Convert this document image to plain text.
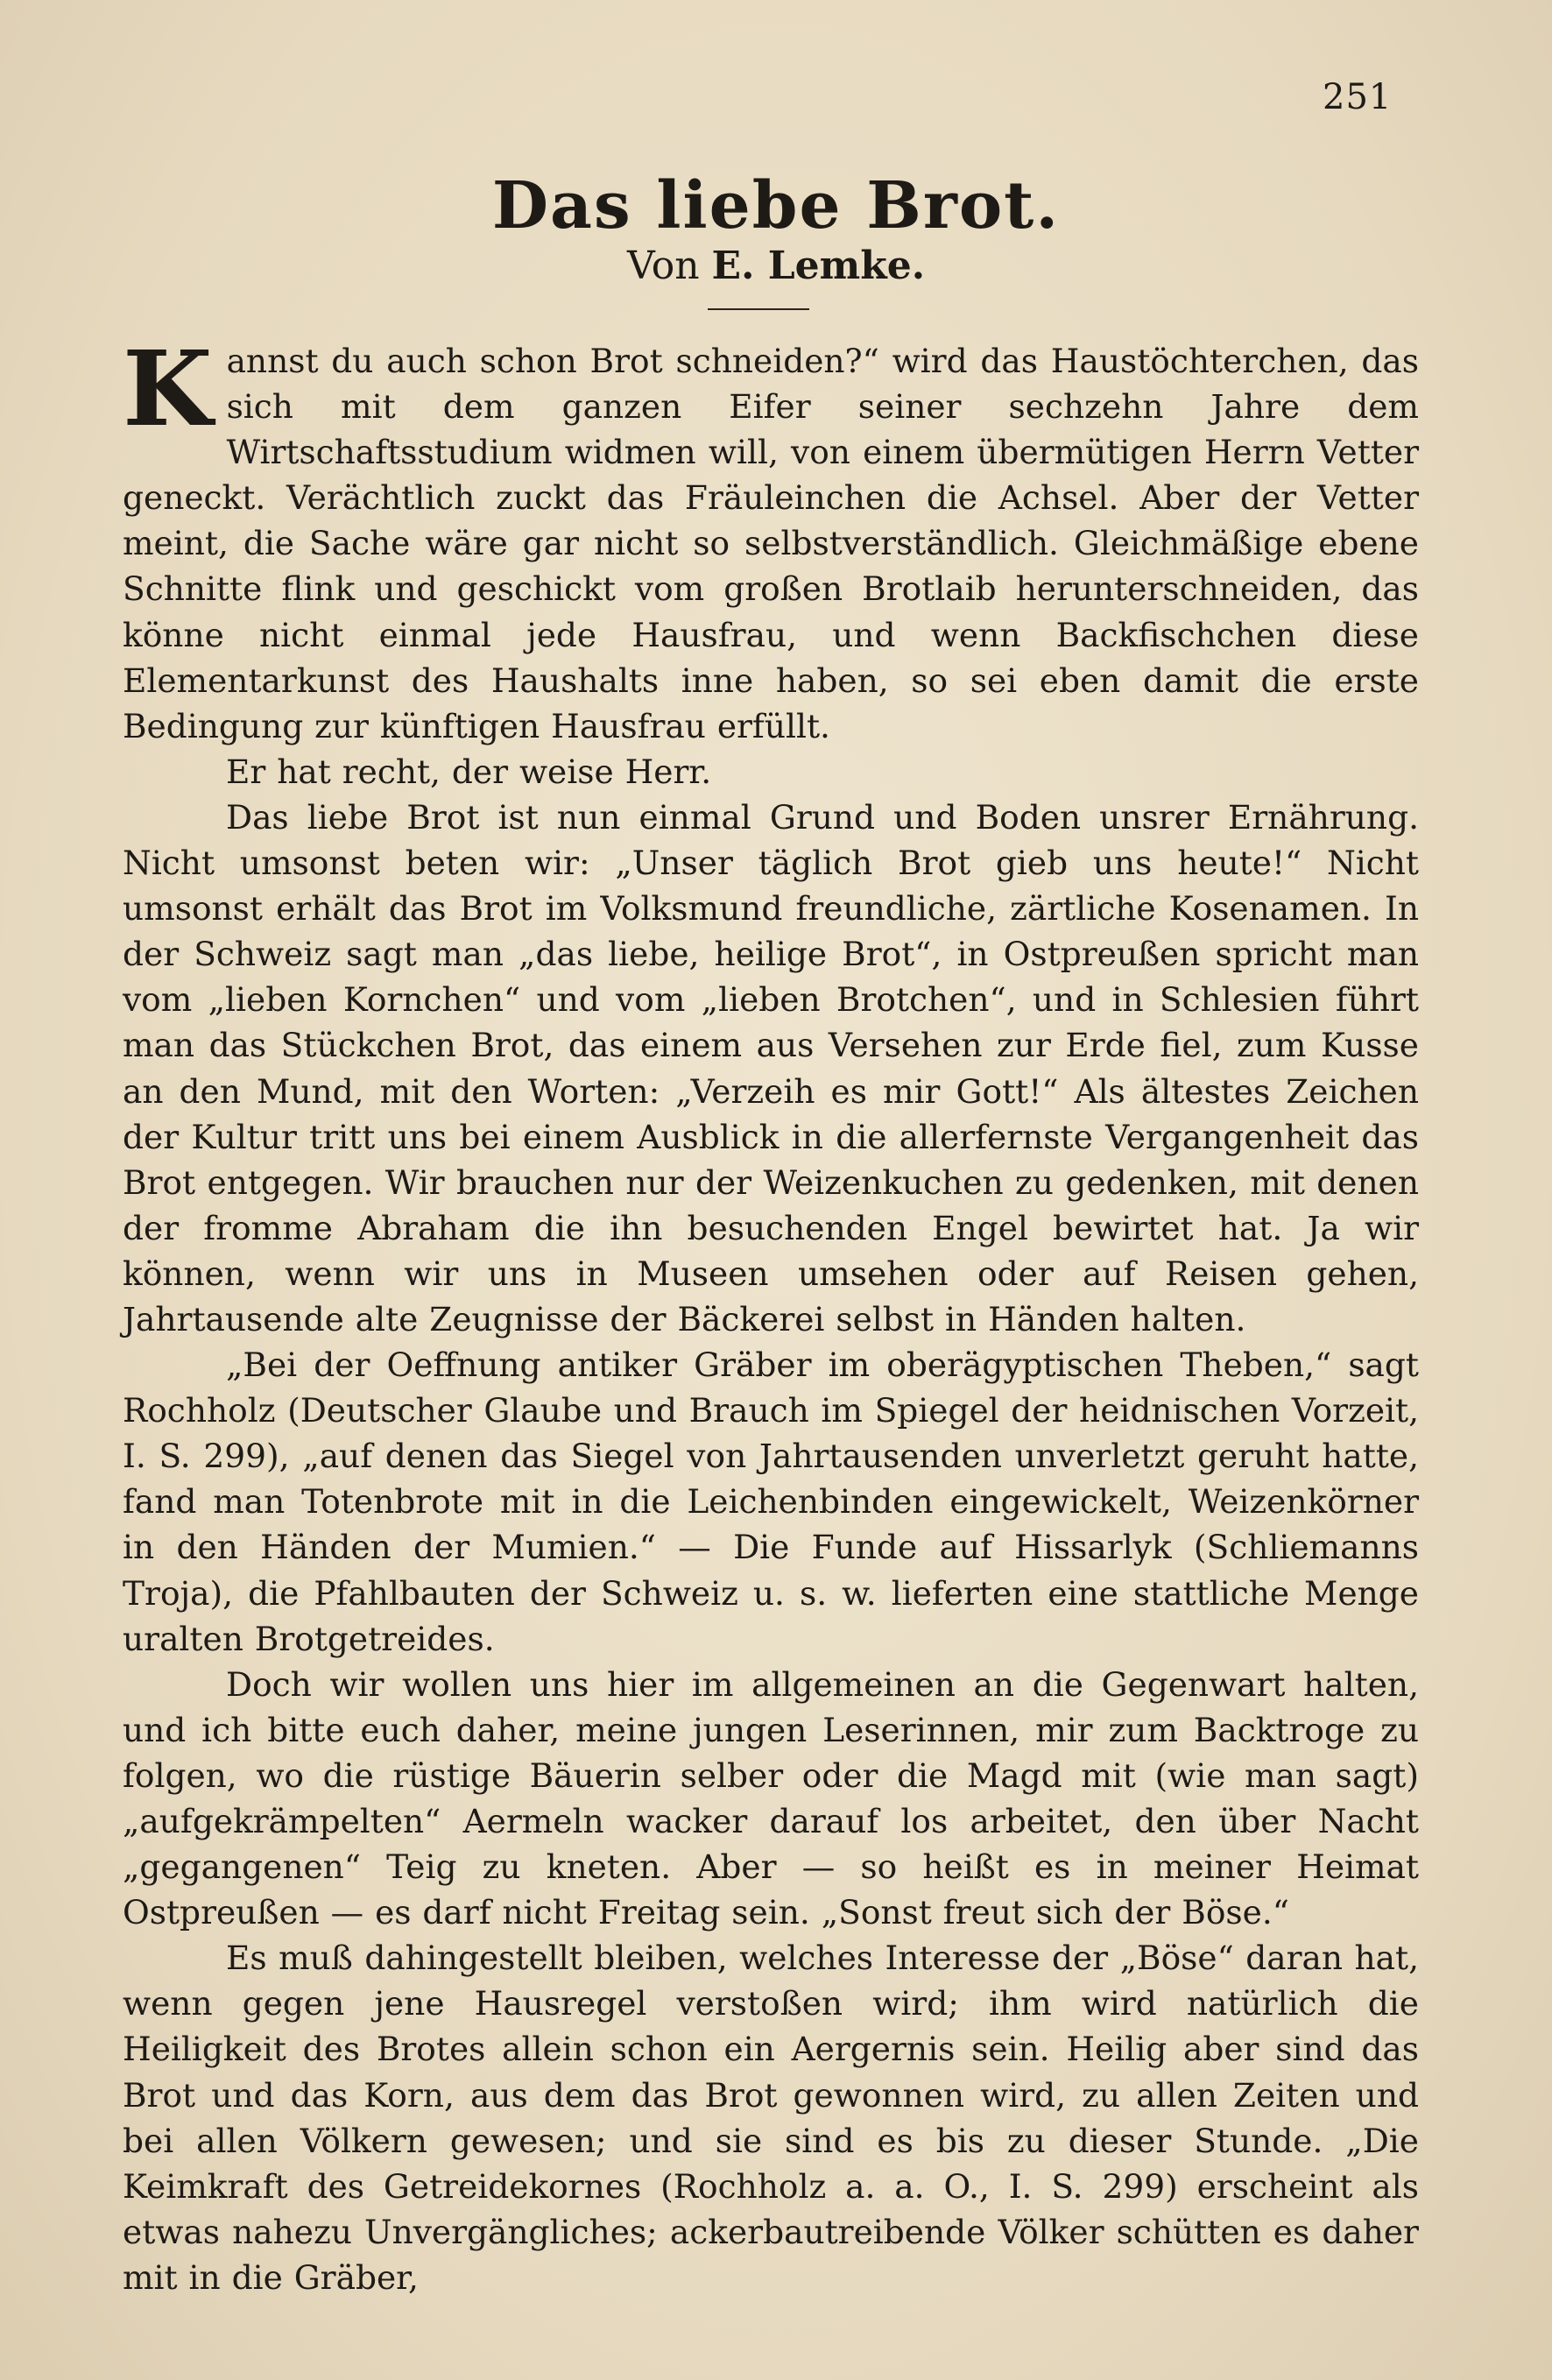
251
Das liebe Brot.
Von E. Lemke.

Kannst du auch schon Brot schneiden?“ wird das Haustöchterchen, das sich mit dem ganzen Eifer seiner sechzehn Jahre dem Wirtschaftsstudium widmen will, von einem übermütigen Herrn Vetter geneckt. Verächtlich zuckt das Fräuleinchen die Achsel. Aber der Vetter meint, die Sache wäre gar nicht so selbstverständlich. Gleichmäßige ebene Schnitte flink und geschickt vom großen Brotlaib herunterschneiden, das könne nicht einmal jede Hausfrau, und wenn Backfischchen diese Elementarkunst des Haushalts inne haben, so sei eben damit die erste Bedingung zur künftigen Hausfrau erfüllt.

Er hat recht, der weise Herr.

Das liebe Brot ist nun einmal Grund und Boden unsrer Ernährung. Nicht umsonst beten wir: „Unser täglich Brot gieb uns heute!“ Nicht umsonst erhält das Brot im Volksmund freundliche, zärtliche Kosenamen. In der Schweiz sagt man „das liebe, heilige Brot“, in Ostpreußen spricht man vom „lieben Kornchen“ und vom „lieben Brotchen“, und in Schlesien führt man das Stückchen Brot, das einem aus Versehen zur Erde fiel, zum Kusse an den Mund, mit den Worten: „Verzeih es mir Gott!“ Als ältestes Zeichen der Kultur tritt uns bei einem Ausblick in die allerfernste Vergangenheit das Brot entgegen. Wir brauchen nur der Weizenkuchen zu gedenken, mit denen der fromme Abraham die ihn besuchenden Engel bewirtet hat. Ja wir können, wenn wir uns in Museen umsehen oder auf Reisen gehen, Jahrtausende alte Zeugnisse der Bäckerei selbst in Händen halten.

„Bei der Oeffnung antiker Gräber im oberägyptischen Theben,“ sagt Rochholz (Deutscher Glaube und Brauch im Spiegel der heidnischen Vorzeit, I. S. 299), „auf denen das Siegel von Jahrtausenden unverletzt geruht hatte, fand man Totenbrote mit in die Leichenbinden eingewickelt, Weizenkörner in den Händen der Mumien.“ — Die Funde auf Hissarlyk (Schliemanns Troja), die Pfahlbauten der Schweiz u. s. w. lieferten eine stattliche Menge uralten Brotgetreides.

Doch wir wollen uns hier im allgemeinen an die Gegenwart halten, und ich bitte euch daher, meine jungen Leserinnen, mir zum Backtroge zu folgen, wo die rüstige Bäuerin selber oder die Magd mit (wie man sagt) „aufgekrämpelten“ Aermeln wacker darauf los arbeitet, den über Nacht „gegangenen“ Teig zu kneten. Aber — so heißt es in meiner Heimat Ostpreußen — es darf nicht Freitag sein. „Sonst freut sich der Böse.“

Es muß dahingestellt bleiben, welches Interesse der „Böse“ daran hat, wenn gegen jene Hausregel verstoßen wird; ihm wird natürlich die Heiligkeit des Brotes allein schon ein Aergernis sein. Heilig aber sind das Brot und das Korn, aus dem das Brot gewonnen wird, zu allen Zeiten und bei allen Völkern gewesen; und sie sind es bis zu dieser Stunde. „Die Keimkraft des Getreidekornes (Rochholz a. a. O., I. S. 299) erscheint als etwas nahezu Unvergängliches; ackerbautreibende Völker schütten es daher mit in die Gräber,
